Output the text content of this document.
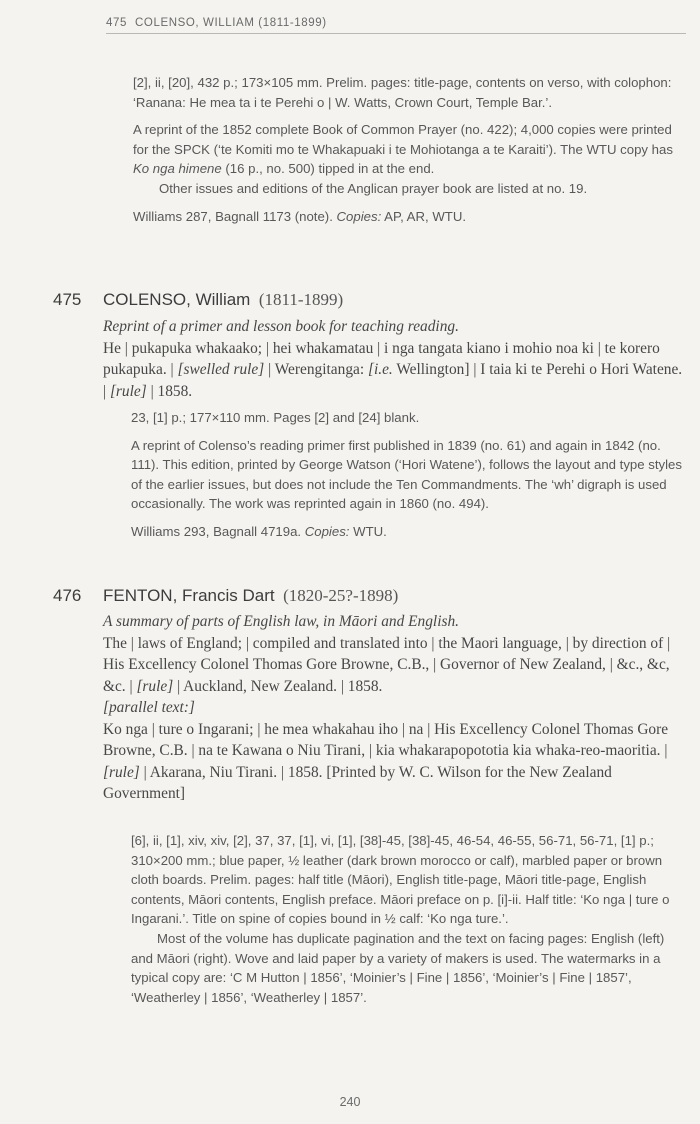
475 COLENSO, WILLIAM (1811-1899)

[2], ii, [20], 432 p.; 173×105 mm. Prelim. pages: title-page, contents on verso, with colophon: ‘Ranana: He mea ta i te Perehi o | W. Watts, Crown Court, Temple Bar.’.

A reprint of the 1852 complete Book of Common Prayer (no. 422); 4,000 copies were printed for the SPCK (‘te Komiti mo te Whakapuaki i te Mohiotanga a te Karaiti’). The WTU copy has Ko nga himene (16 p., no. 500) tipped in at the end.

Other issues and editions of the Anglican prayer book are listed at no. 19.

Williams 287, Bagnall 1173 (note). Copies: AP, AR, WTU.

475 COLENSO, William (1811-1899)

Reprint of a primer and lesson book for teaching reading.

He | pukapuka whakaako; | hei whakamatau | i nga tangata kiano i mohio noa ki | te korero pukapuka. | [swelled rule] | Werengitanga: [i.e. Wellington] | I taia ki te Perehi o Hori Watene. | [rule] | 1858.

23, [1] p.; 177×110 mm. Pages [2] and [24] blank.

A reprint of Colenso’s reading primer first published in 1839 (no. 61) and again in 1842 (no. 111). This edition, printed by George Watson (‘Hori Watene’), follows the layout and type styles of the earlier issues, but does not include the Ten Commandments. The ‘wh’ digraph is used occasionally. The work was reprinted again in 1860 (no. 494).

Williams 293, Bagnall 4719a. Copies: WTU.

476 FENTON, Francis Dart (1820-25?-1898)

A summary of parts of English law, in Māori and English.

The | laws of England; | compiled and translated into | the Maori language, | by direction of | His Excellency Colonel Thomas Gore Browne, C.B., | Governor of New Zealand, | &c., &c, &c. | [rule] | Auckland, New Zealand. | 1858.

[parallel text:]

Ko nga | ture o Ingarani; | he mea whakahau iho | na | His Excellency Colonel Thomas Gore Browne, C.B. | na te Kawana o Niu Tirani, | kia whakarapopototia kia whaka-reo-maoritia. | [rule] | Akarana, Niu Tirani. | 1858. [Printed by W. C. Wilson for the New Zealand Government]

[6], ii, [1], xiv, xiv, [2], 37, 37, [1], vi, [1], [38]-45, [38]-45, 46-54, 46-55, 56-71, 56-71, [1] p.; 310×200 mm.; blue paper, ½ leather (dark brown morocco or calf), marbled paper or brown cloth boards. Prelim. pages: half title (Māori), English title-page, Māori title-page, English contents, Māori contents, English preface. Māori preface on p. [i]-ii. Half title: ‘Ko nga | ture o Ingarani.’. Title on spine of copies bound in ½ calf: ‘Ko nga ture.’.

Most of the volume has duplicate pagination and the text on facing pages: English (left) and Māori (right). Wove and laid paper by a variety of makers is used. The watermarks in a typical copy are: ‘C M Hutton | 1856’, ‘Moinier’s | Fine | 1856’, ‘Moinier’s | Fine | 1857’, ‘Weatherley | 1856’, ‘Weatherley | 1857’.

240
